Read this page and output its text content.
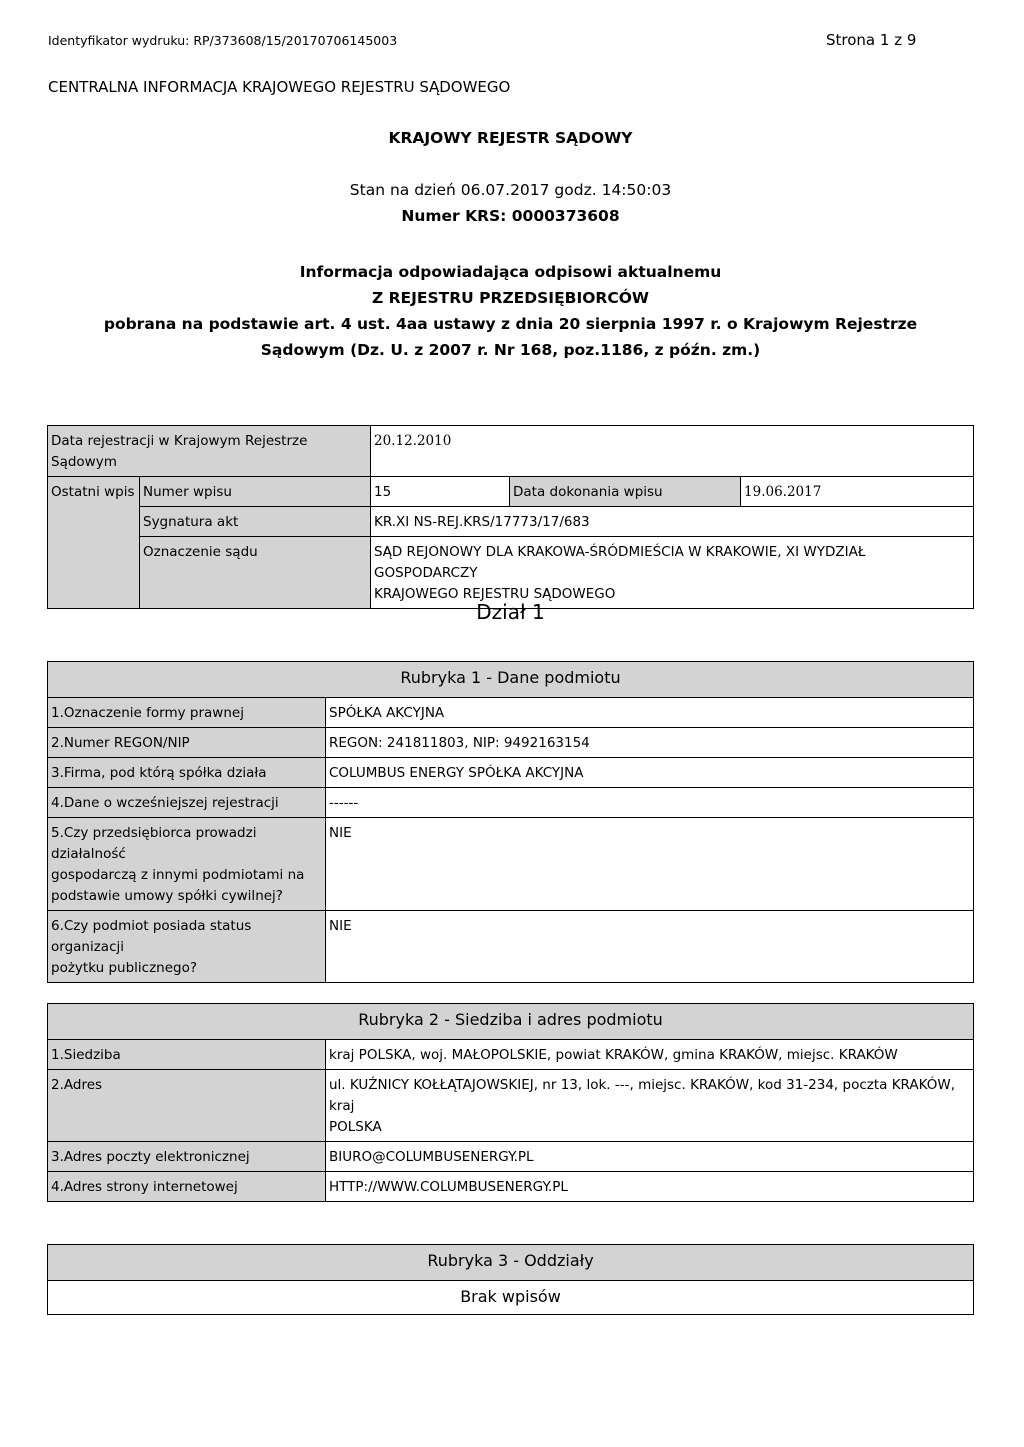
Identyfikator wydruku: RP/373608/15/20170706145003	Strona 1 z 9
CENTRALNA INFORMACJA KRAJOWEGO REJESTRU SĄDOWEGO
KRAJOWY REJESTR SĄDOWY
Stan na dzień 06.07.2017 godz. 14:50:03
Numer KRS: 0000373608
Informacja odpowiadająca odpisowi aktualnemu
Z REJESTRU PRZEDSIĘBIORCÓW
pobrana na podstawie art. 4 ust. 4aa ustawy z dnia 20 sierpnia 1997 r. o Krajowym Rejestrze
Sądowym (Dz. U. z 2007 r. Nr 168, poz.1186, z późn. zm.)
Data rejestracji w Krajowym Rejestrze Sądowym		20.12.2010		
Ostatni wpis	Numer wpisu	15	Data dokonania wpisu	19.06.2017
	Sygnatura akt	KR.XI NS-REJ.KRS/17773/17/683		
	Oznaczenie sądu	SĄD REJONOWY DLA KRAKOWA-ŚRÓDMIEŚCIA W KRAKOWIE, XI WYDZIAŁ GOSPODARCZY
KRAJOWEGO REJESTRU SĄDOWEGO		
Dział 1
Rubryka 1 - Dane podmiotu	

1.Oznaczenie formy prawnej	SPÓŁKA AKCYJNA

2.Numer REGON/NIP	REGON: 241811803, NIP: 9492163154

3.Firma, pod którą spółka działa	COLUMBUS ENERGY SPÓŁKA AKCYJNA

4.Dane o wcześniejszej rejestracji	------

5.Czy przedsiębiorca prowadzi działalność
gospodarczą z innymi podmiotami na
podstawie umowy spółki cywilnej?	NIE

6.Czy podmiot posiada status organizacji
pożytku publicznego?	NIE
Rubryka 2 - Siedziba i adres podmiotu	
1.Siedziba	kraj POLSKA, woj. MAŁOPOLSKIE, powiat KRAKÓW, gmina KRAKÓW, miejsc. KRAKÓW

2.Adres	ul. KUŹNICY KOŁŁĄTAJOWSKIEJ, nr 13, lok. ---, miejsc. KRAKÓW, kod 31-234, poczta KRAKÓW, kraj
POLSKA

3.Adres poczty elektronicznej	BIURO@COLUMBUSENERGY.PL

4.Adres strony internetowej	HTTP://WWW.COLUMBUSENERGY.PL
Rubryka 3 - Oddziały
Brak wpisów
